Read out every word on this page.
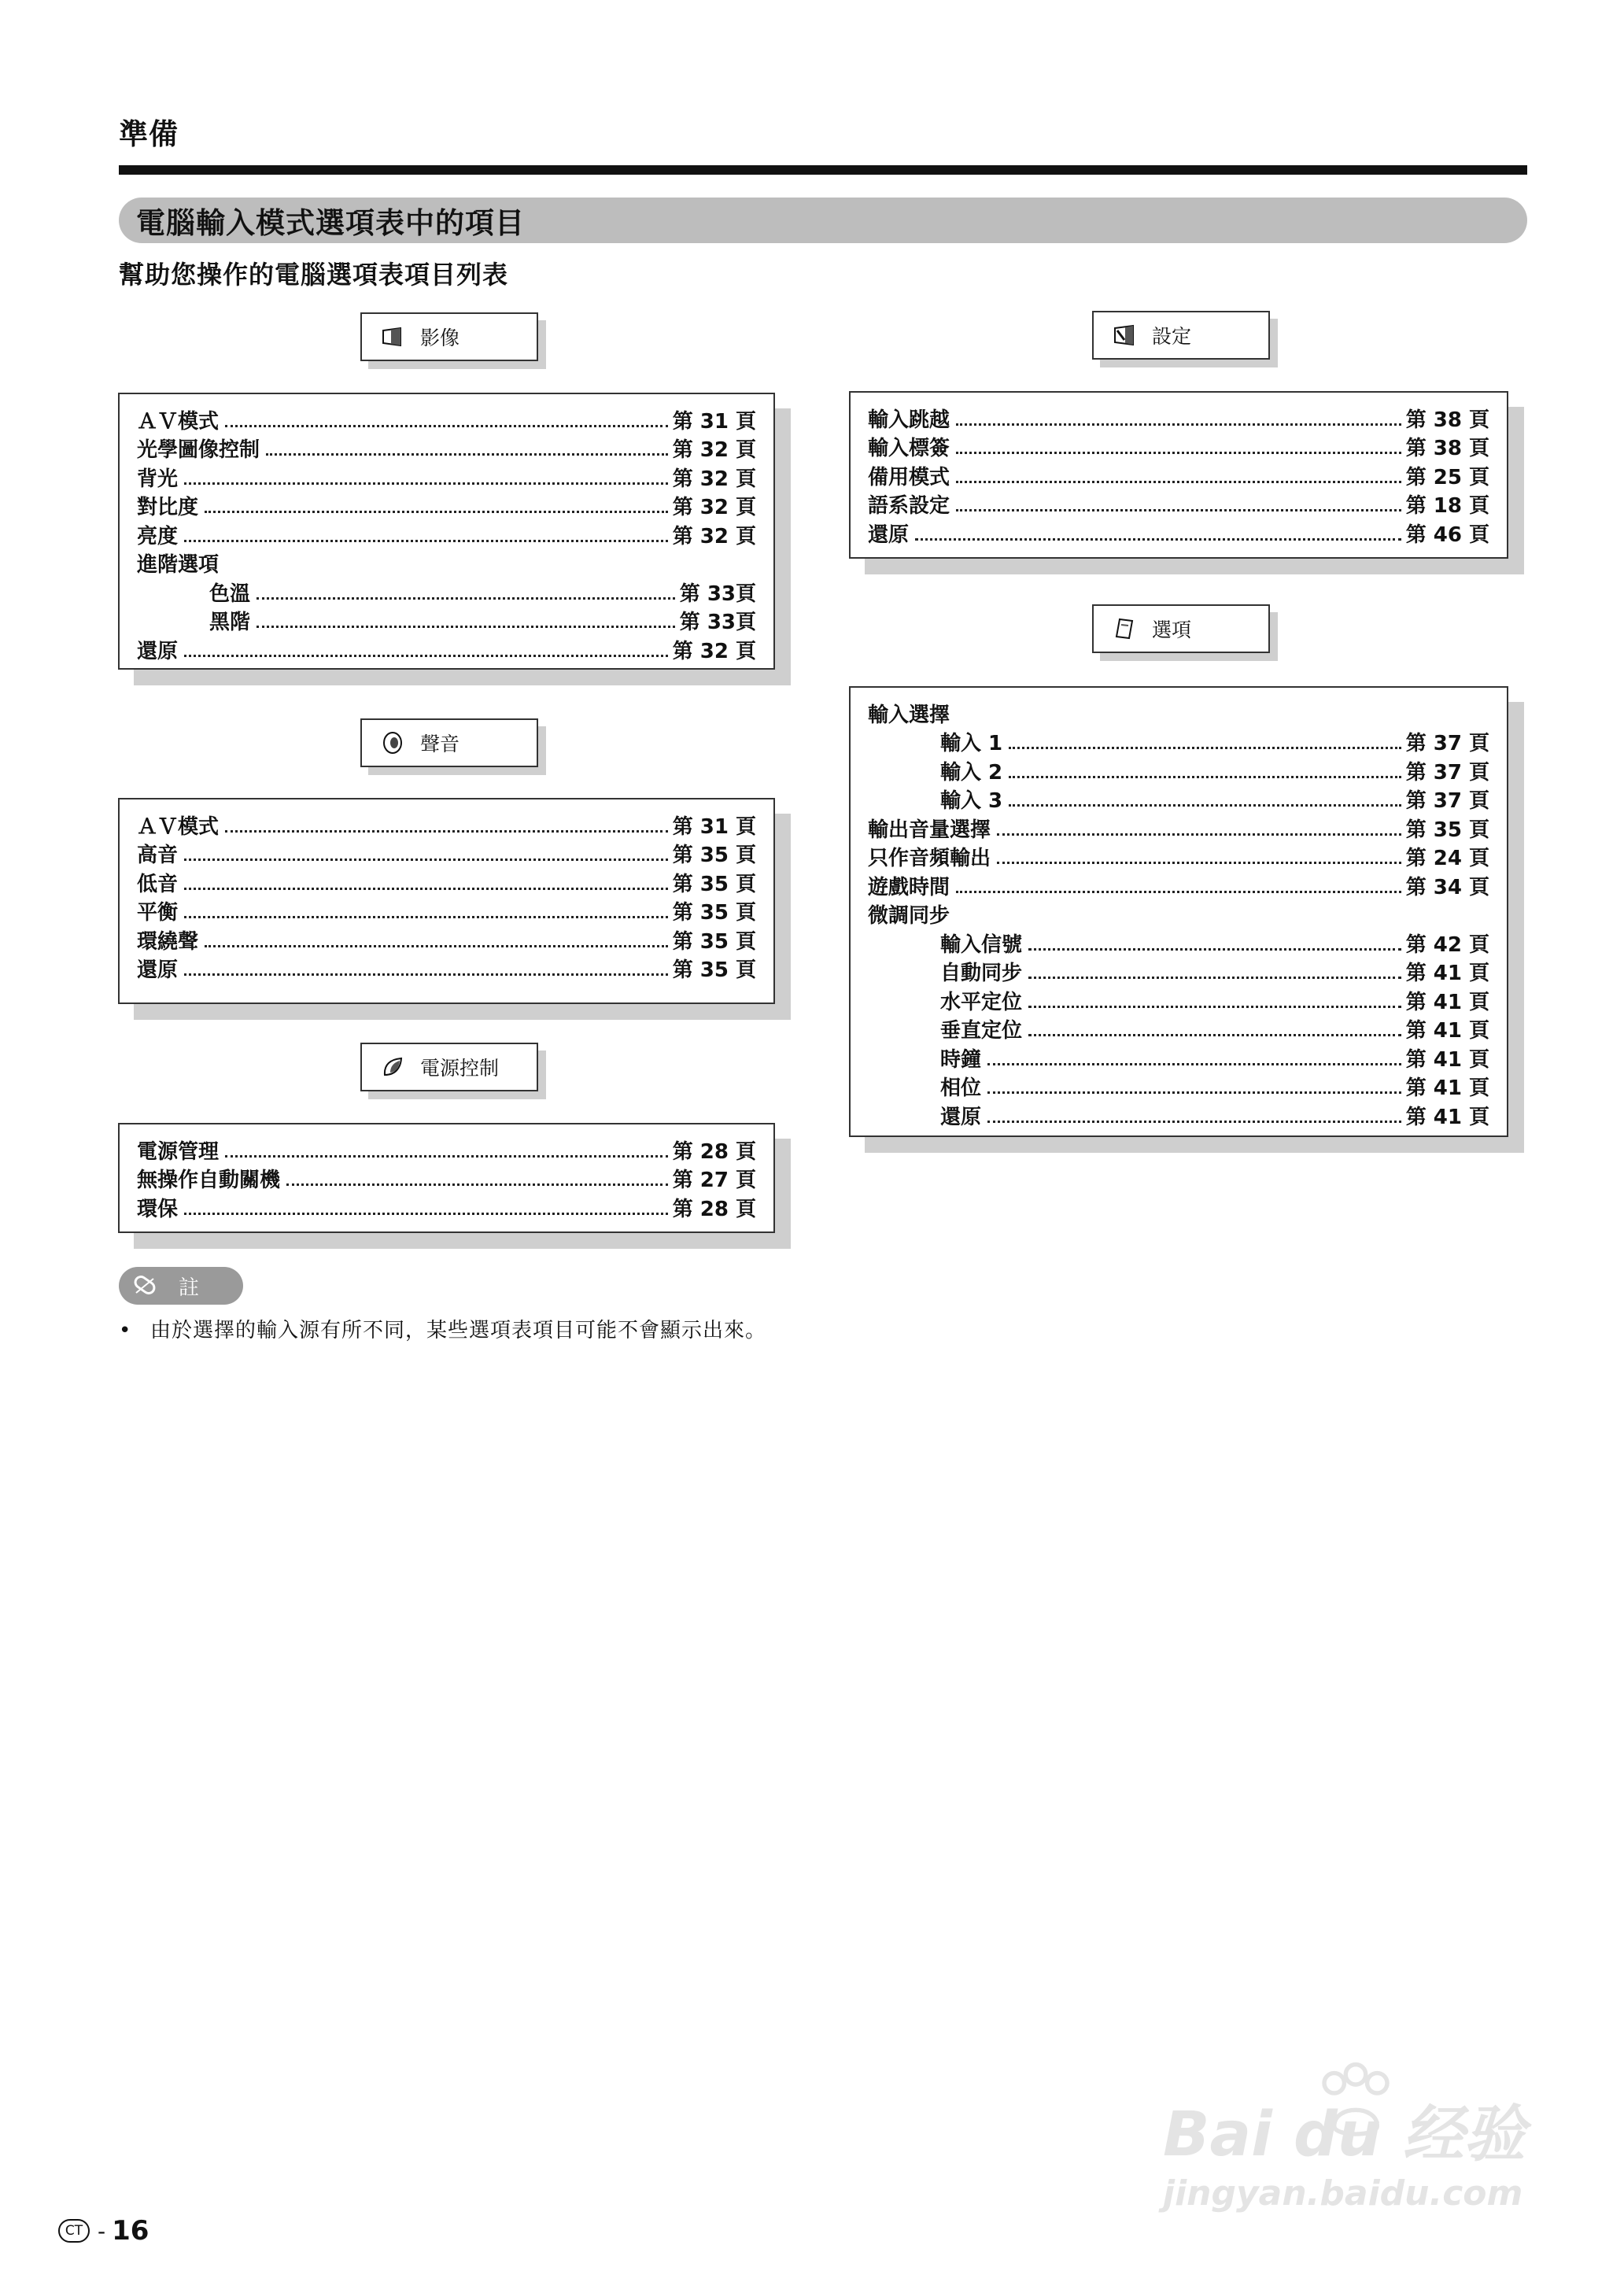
準備
電腦輸入模式選項表中的項目
幫助您操作的電腦選項表項目列表
影像
ＡＶ模式	第 31 頁
光學圖像控制	第 32 頁
背光	第 32 頁
對比度	第 32 頁
亮度	第 32 頁
進階選項
色溫	第 33頁
黑階	第 33頁
還原	第 32 頁
聲音
ＡＶ模式	第 31 頁
高音	第 35 頁
低音	第 35 頁
平衡	第 35 頁
環繞聲	第 35 頁
還原	第 35 頁
電源控制
電源管理	第 28 頁
無操作自動關機	第 27 頁
環保	第 28 頁
設定
輸入跳越	第 38 頁
輸入標簽	第 38 頁
備用模式	第 25 頁
語系設定	第 18 頁
還原	第 46 頁
選項
輸入選擇
輸入 1	第 37 頁
輸入 2	第 37 頁
輸入 3	第 37 頁
輸出音量選擇	第 35 頁
只作音頻輸出	第 24 頁
遊戲時間	第 34 頁
微調同步
輸入信號	第 42 頁
自動同步	第 41 頁
水平定位	第 41 頁
垂直定位	第 41 頁
時鐘	第 41 頁
相位	第 41 頁
還原	第 41 頁
註
• 由於選擇的輸入源有所不同，某些選項表項目可能不會顯示出來。
CT - 16
Bai du 经验
jingyan.baidu.com
